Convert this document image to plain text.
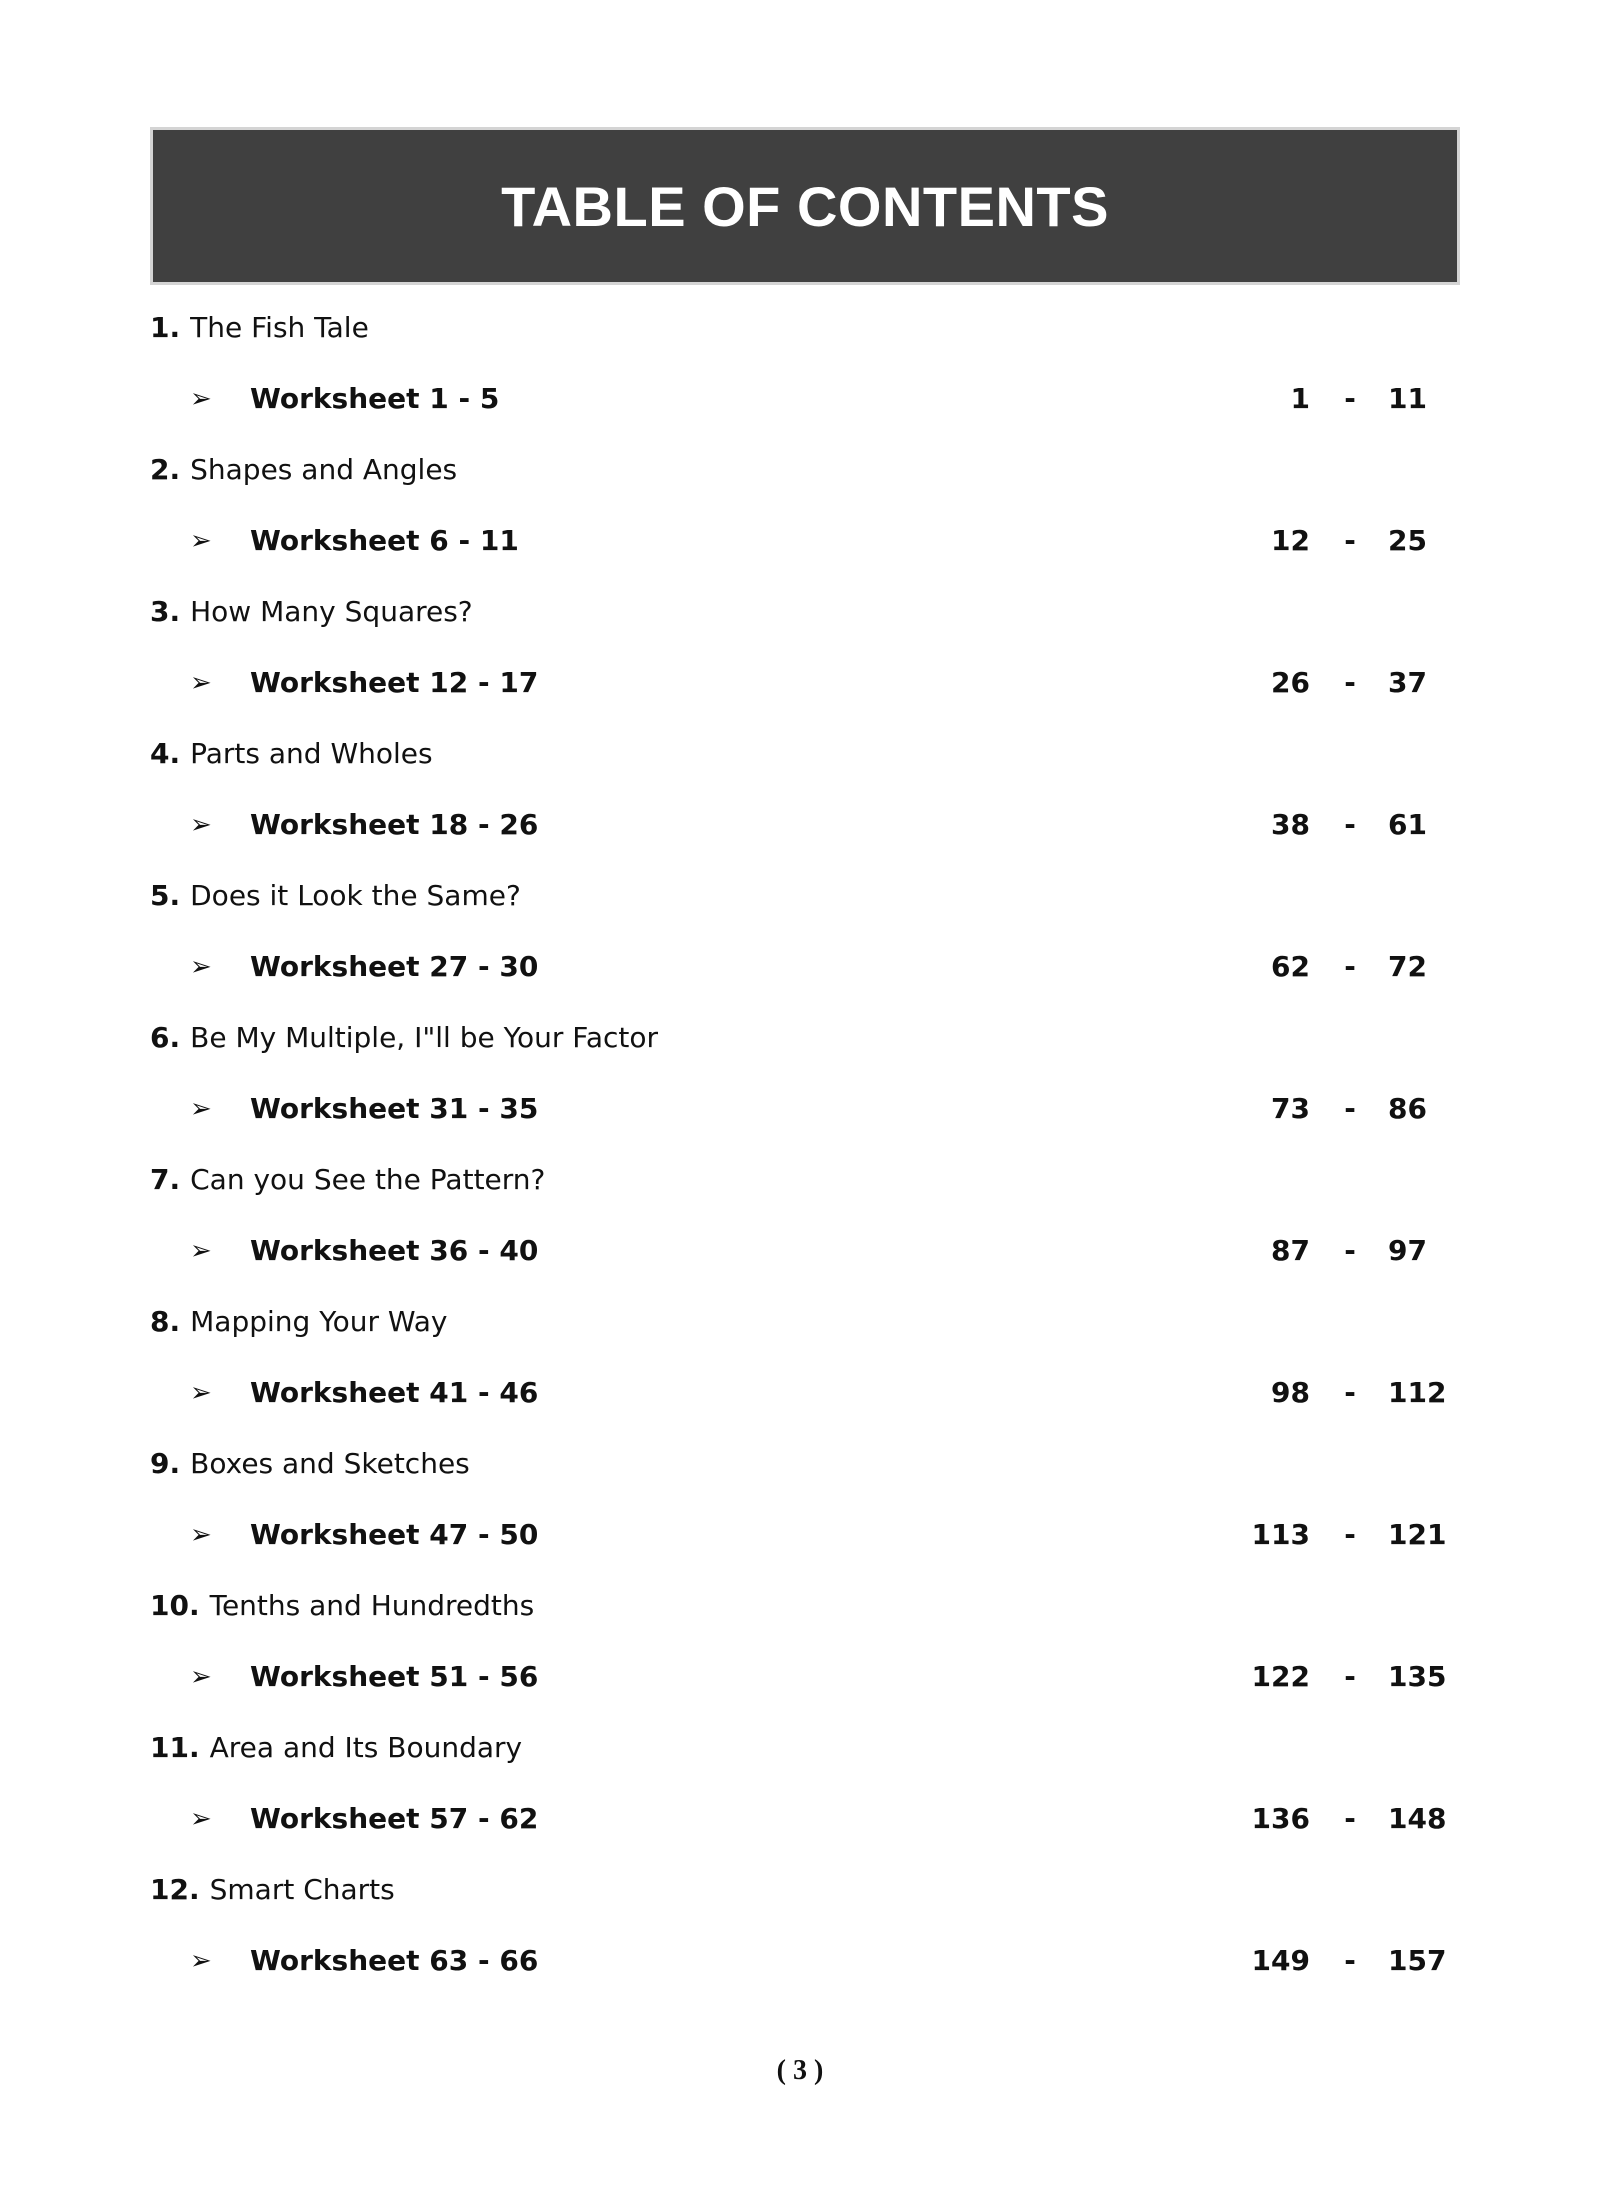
TABLE OF CONTENTS
1. The Fish Tale
➢ Worksheet 1 - 5	1 - 11
2. Shapes and Angles
➢ Worksheet 6 - 11	12 - 25
3. How Many Squares?
➢ Worksheet 12 - 17	26 - 37
4. Parts and Wholes
➢ Worksheet 18 - 26	38 - 61
5. Does it Look the Same?
➢ Worksheet 27 - 30	62 - 72
6. Be My Multiple, I"ll be Your Factor
➢ Worksheet 31 - 35	73 - 86
7. Can you See the Pattern?
➢ Worksheet 36 - 40	87 - 97
8. Mapping Your Way
➢ Worksheet 41 - 46	98 - 112
9. Boxes and Sketches
➢ Worksheet 47 - 50	113 - 121
10. Tenths and Hundredths
➢ Worksheet 51 - 56	122 - 135
11. Area and Its Boundary
➢ Worksheet 57 - 62	136 - 148
12. Smart Charts
➢ Worksheet 63 - 66	149 - 157
( 3 )
